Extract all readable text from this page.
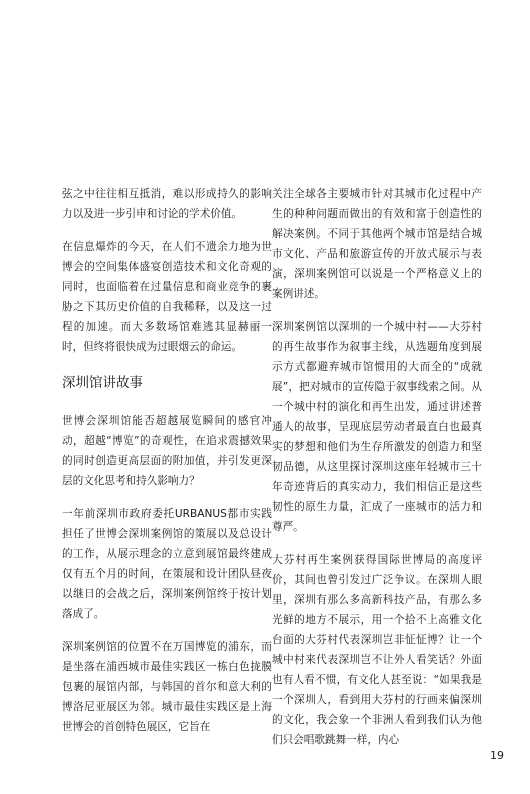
弦之中往往相互抵消，难以形成持久的影响力以及进一步引申和讨论的学术价值。

在信息爆炸的今天，在人们不遗余力地为世博会的空间集体盛宴创造技术和文化奇观的同时，也面临着在过量信息和商业竞争的裹胁之下其历史价值的自我稀释，以及这一过程的加速。而大多数场馆难逃其显赫丽一时，但终将很快成为过眼烟云的命运。

深圳馆讲故事

世博会深圳馆能否超越展览瞬间的感官冲动，超越“博览”的奇观性，在追求震撼效果的同时创造更高层面的附加值，并引发更深层的文化思考和持久影响力？

一年前深圳市政府委托URBANUS都市实践担任了世博会深圳案例馆的策展以及总设计的工作，从展示理念的立意到展馆最终建成仅有五个月的时间，在策展和设计团队昼夜以继日的会战之后，深圳案例馆终于按计划落成了。

深圳案例馆的位置不在万国博览的浦东，而是坐落在浦西城市最佳实践区一栋白色拢膜包裹的展馆内部，与韩国的首尔和意大利的博洛尼亚展区为邻。城市最佳实践区是上海世博会的首创特色展区，它旨在

关注全球各主要城市针对其城市化过程中产生的种种问题而做出的有效和富于创造性的解决案例。不同于其他两个城市馆是结合城市文化、产品和旅游宣传的开放式展示与表演，深圳案例馆可以说是一个严格意义上的案例讲述。

深圳案例馆以深圳的一个城中村——大芬村的再生故事作为叙事主线，从选题角度到展示方式都避弃城市馆惯用的大而全的“成就展”，把对城市的宣传隐于叙事线索之间。从一个城中村的演化和再生出发，通过讲述普通人的故事，呈现底层劳动者最直白也最真实的梦想和他们为生存所激发的创造力和坚韧品德，从这里探讨深圳这座年轻城市三十年奇迹背后的真实动力，我们相信正是这些韧性的原生力量，汇成了一座城市的活力和尊严。

大芬村再生案例获得国际世博局的高度评价，其间也曾引发过广泛争议。在深圳人眼里，深圳有那么多高新科技产品，有那么多光鲜的地方不展示，用一个拾不上高雅文化台面的大芬村代表深圳岂非怔怔博？让一个城中村来代表深圳岂不让外人看笑话？外面也有人看不惯，有文化人甚至说：“如果我是一个深圳人，看到用大芬村的行画来偏深圳的文化，我会象一个非洲人看到我们认为他们只会唱歌跳舞一样，内心

19
